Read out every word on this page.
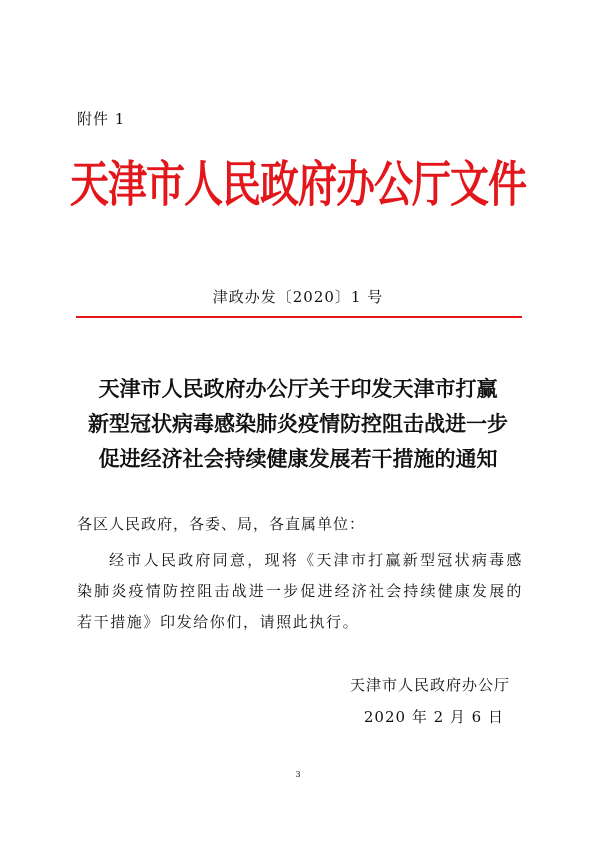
附件 1
天津市人民政府办公厅文件
津政办发〔2020〕1 号
天津市人民政府办公厅关于印发天津市打赢
新型冠状病毒感染肺炎疫情防控阻击战进一步
促进经济社会持续健康发展若干措施的通知
各区人民政府，各委、局，各直属单位：
经市人民政府同意，现将《天津市打赢新型冠状病毒感染肺炎疫情防控阻击战进一步促进经济社会持续健康发展的若干措施》印发给你们，请照此执行。
天津市人民政府办公厅
2020 年 2 月 6 日
3
